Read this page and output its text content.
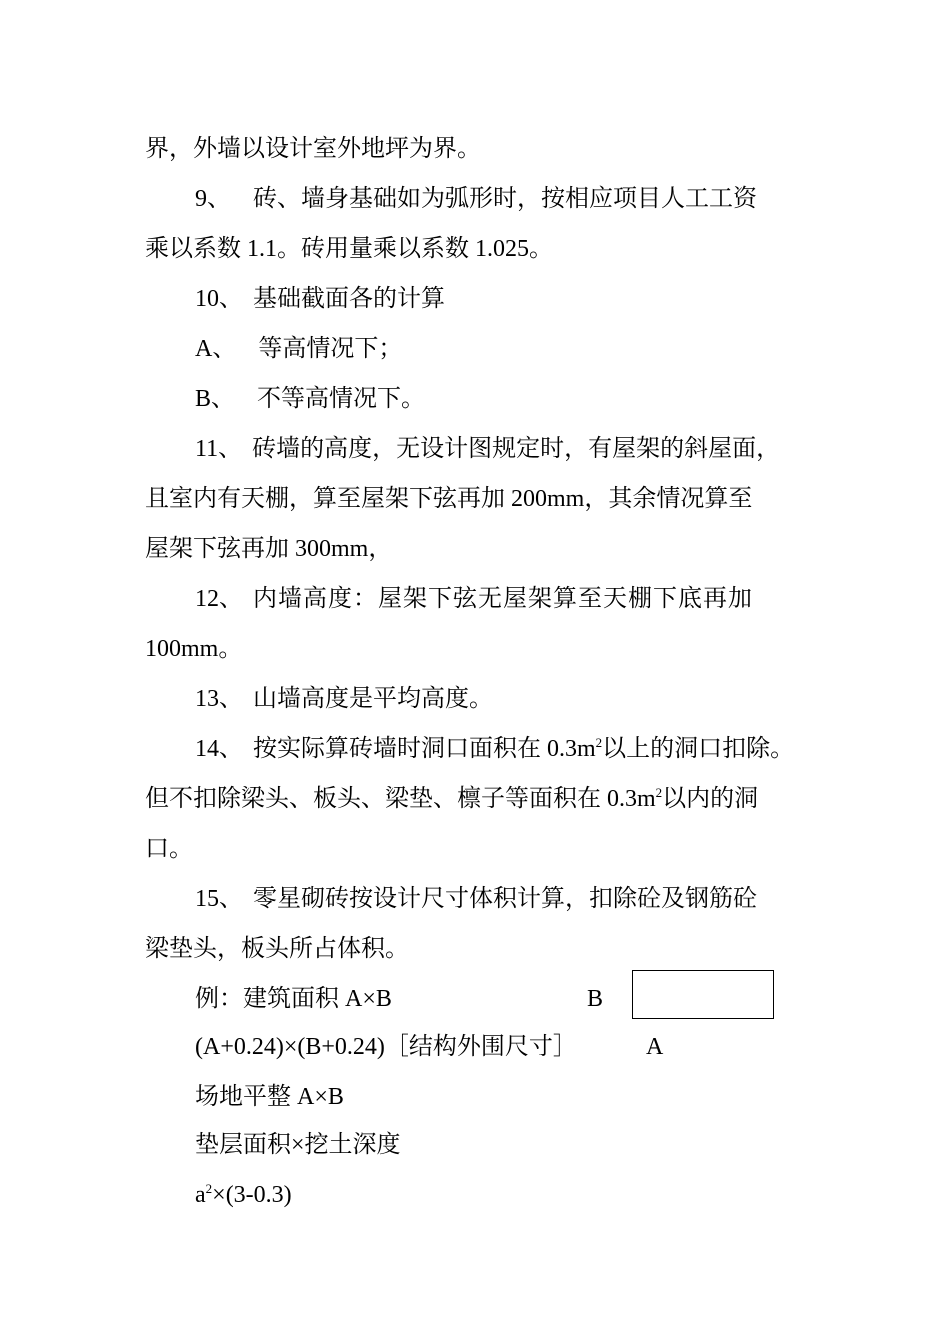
界，外墙以设计室外地坪为界。
9、 砖、墙身基础如为弧形时，按相应项目人工工资
乘以系数 1.1。砖用量乘以系数 1.025。
10、 基础截面各的计算
A、 等高情况下；
B、 不等高情况下。
11、 砖墙的高度，无设计图规定时，有屋架的斜屋面，
且室内有天棚，算至屋架下弦再加 200mm，其余情况算至
屋架下弦再加 300mm，
12、 内墙高度：屋架下弦无屋架算至天棚下底再加
100mm。
13、 山墙高度是平均高度。
14、 按实际算砖墙时洞口面积在 $0.3m^2$以上的洞口扣除。
但不扣除梁头、板头、梁垫、檩子等面积在 $0.3m^2$以内的洞
口。
15、 零星砌砖按设计尺寸体积计算，扣除砼及钢筋砼
梁垫头，板头所占体积。
例：建筑面积 A×B	B
(A+0.24)×(B+0.24)［结构外围尺寸］	A
场地平整 A×B
垫层面积×挖土深度
$a^2\times(3-0.3)$
